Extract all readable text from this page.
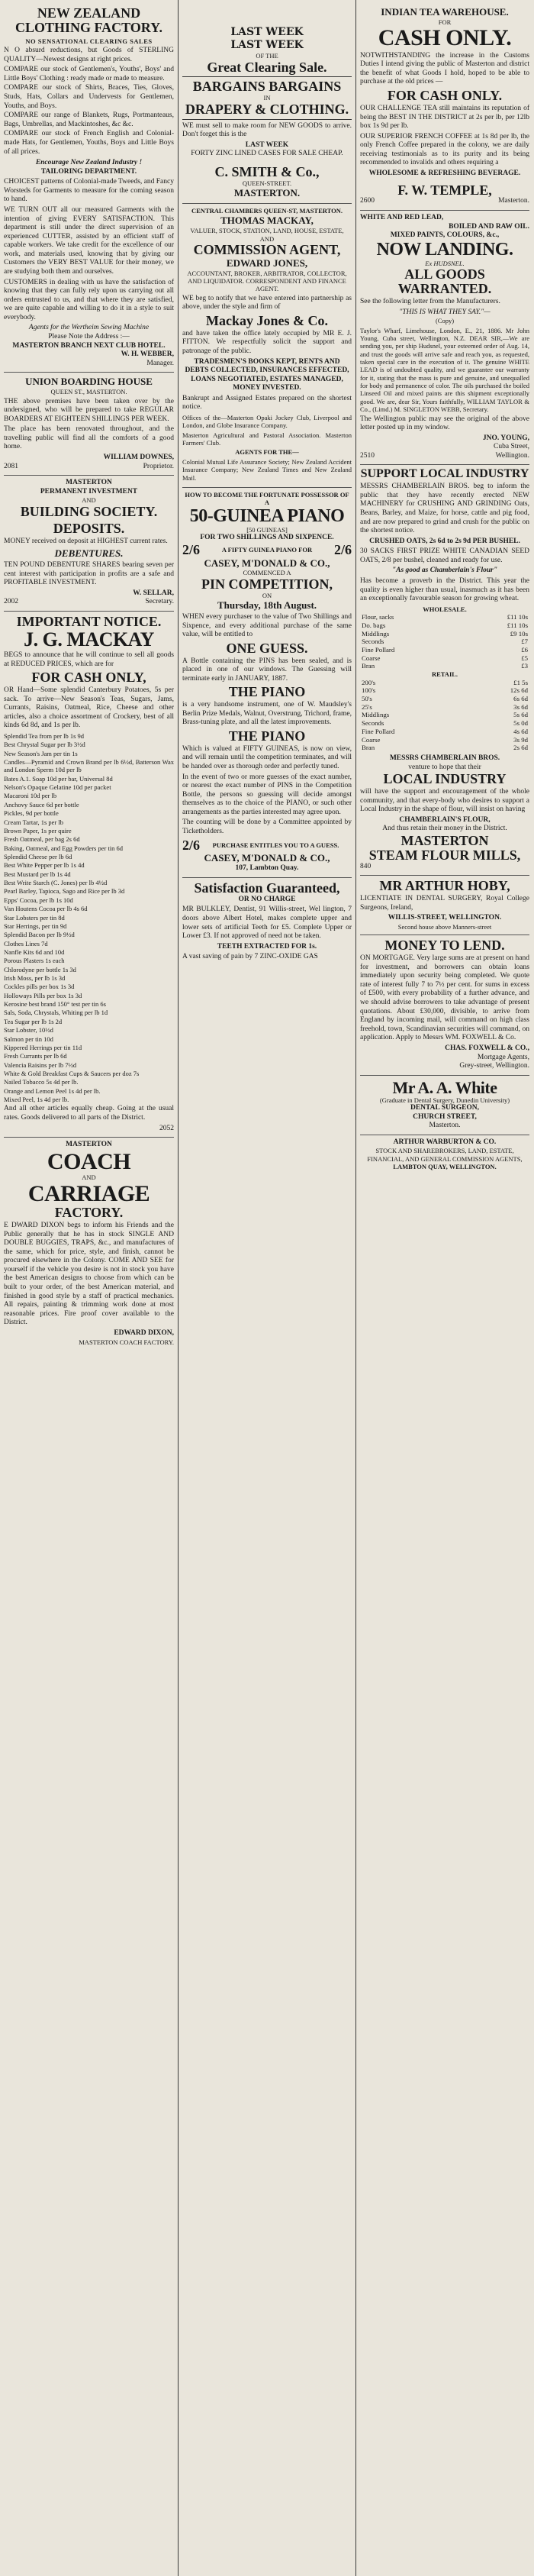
NEW ZEALAND CLOTHING FACTORY.
NO SENSATIONAL CLEARING SALES
N O absurd reductions, but Goods of STERLING QUALITY—Newest designs at right prices.
COMPARE our stock of Gentlemen's, Youths', Boys' and Little Boys' Clothing : ready made or made to measure.
COMPARE our stock of Shirts, Braces, Ties, Gloves, Studs, Hats, Collars and Undervests for Gentlemen, Youths, and Boys.
COMPARE our range of Blankets, Rugs, Portmanteaus, Bags, Umbrellas, and Mackintoshes, &c &c.
COMPARE our stock of French English and Colonial-made Hats, for Gentlemen, Youths, Boys and Little Boys of all prices.
Encourage New Zealand Industry !
TAILORING DEPARTMENT.
CHOICEST patterns of Colonial-made Tweeds, and Fancy Worsteds for Garments to measure for the coming season to hand.
WE TURN OUT all our measured Garments with the intention of giving EVERY SATISFACTION. This department is still under the direct supervision of an experienced CUTTER, assisted by an efficient staff of capable workers. We take credit for the excellence of our work, and materials used, knowing that by giving our Customers the VERY BEST VALUE for their money, we are studying both them and ourselves.
CUSTOMERS in dealing with us have the satisfaction of knowing that they can fully rely upon us carrying out all orders entrusted to us, and that where they are satisfied, we are quite capable and willing to do it in a style to suit everybody.
Agents for the Wertheim Sewing Machine
Please Note the Address :—
MASTERTON BRANCH NEXT CLUB HOTEL.
W. H. WEBBER,
Manager.
UNION BOARDING HOUSE
QUEEN ST., MASTERTON.
THE above premises have been taken over by the undersigned, who will be prepared to take REGULAR BOARDERS AT EIGHTEEN SHILLINGS PER WEEK.
The place has been renovated throughout, and the travelling public will find all the comforts of a good home.
WILLIAM DOWNES,
2081	Proprietor.
MASTERTON
PERMANENT INVESTMENT
AND
BUILDING SOCIETY.
DEPOSITS.
MONEY received on deposit at HIGHEST current rates.
DEBENTURES.
TEN POUND DEBENTURE SHARES bearing seven per cent interest with participation in profits are a safe and PROFITABLE INVESTMENT.
W. SELLAR,
2002	Secretary.
IMPORTANT NOTICE.
J. G. MACKAY
BEGS to announce that he will continue to sell all goods at REDUCED PRICES, which are for
FOR CASH ONLY,
OR Hand—Some splendid Canterbury Potatoes, 5s per sack. To arrive—New Season's Teas, Sugars, Jams, Currants, Raisins, Oatmeal, Rice, Cheese and other articles, also a choice assortment of Crockery, best of all kinds 6d 8d, and 1s per lb.
Splendid Tea from per lb 1s 9d
Best Chrystal Sugar per lb 3½d
New Season's Jam per tin 1s
Candles—Pyramid and Crown Brand per lb 6½d, Batterson Wax and London Sperm 10d per lb
Bates A.1. Soap 10d per bar, Universal 8d
Nelson's Opaque Gelatine 10d per packet
Macaroni 10d per lb
Anchovy Sauce 6d per bottle
Pickles, 9d per bottle
Cream Tartar, 1s per lb
Brown Paper, 1s per quire
Fresh Oatmeal, per bag 2s 6d
Baking, Oatmeal, and Egg Powders per tin 6d
Splendid Cheese per lb 6d
Best White Pepper per lb 1s 4d
Best Mustard per lb 1s 4d
Best Write Starch (C. Jones) per lb 4½d
Pearl Barley, Tapioca, Sago and Rice per lb 3d
Epps' Cocoa, per lb 1s 10d
Van Houtens Cocoa per lb 4s 6d
Star Lobsters per tin 8d
Star Herrings, per tin 9d
Splendid Bacon per lb 9½d
Clothes Lines 7d
Nanfle Kits 6d and 10d
Porous Plasters 1s each
Chlorodyne per bottle 1s 3d
Irish Moss, per lb 1s 3d
Cockles pills per box 1s 3d
Holloways Pills per box 1s 3d
Kerosine best brand 150° test per tin 6s
Sals, Soda, Chrystals, Whiting per lb 1d
Tea Sugar per lb 1s 2d
Star Lobster, 10½d
Salmon per tin 10d
Kippered Herrings per tin 11d
Fresh Currants per lb 6d
Valencia Raisins per lb 7½d
White & Gold Breakfast Cups & Saucers per doz 7s
Nailed Tobacco 5s 4d per lb.
Orange and Lemon Peel 1s 4d per lb.
Mixed Peel, 1s 4d per lb.
And all other articles equally cheap. Going at the usual rates. Goods delivered to all parts of the District.
2052
MASTERTON
COACH
AND
CARRIAGE
FACTORY.
E DWARD DIXON begs to inform his Friends and the Public generally that he has in stock SINGLE AND DOUBLE BUGGIES, TRAPS, &c., and manufactures of the same, which for price, style, and finish, cannot be procured elsewhere in the Colony. COME AND SEE for yourself if the vehicle you desire is not in stock you have the best American designs to choose from which can be built to your order, of the best American material, and finished in good style by a staff of practical mechanics. All repairs, painting & trimming work done at most reasonable prices. Fire proof cover available to the District.
EDWARD DIXON,
MASTERTON COACH FACTORY.
LAST WEEK
LAST WEEK
OF THE
Great Clearing Sale.
BARGAINS BARGAINS
IN
DRAPERY & CLOTHING.
WE must sell to make room for NEW GOODS to arrive. Don't forget this is the
LAST WEEK
FORTY ZINC LINED CASES FOR SALE CHEAP.
C. SMITH & Co.,
QUEEN-STREET.
MASTERTON.
CENTRAL CHAMBERS QUEEN-ST, MASTERTON.
THOMAS MACKAY,
VALUER, STOCK, STATION, LAND, HOUSE, ESTATE,
AND
COMMISSION AGENT,
EDWARD JONES,
ACCOUNTANT, BROKER, ARBITRATOR, COLLECTOR, AND LIQUIDATOR. CORRESPONDENT AND FINANCE AGENT.
WE beg to notify that we have entered into partnership as above, under the style and firm of
Mackay Jones & Co.
and have taken the office lately occupied by MR E. J. FITTON. We respectfully solicit the support and patronage of the public.
TRADESMEN'S BOOKS KEPT, RENTS AND DEBTS COLLECTED, INSURANCES EFFECTED, LOANS NEGOTIATED, ESTATES MANAGED, MONEY INVESTED.
Bankrupt and Assigned Estates prepared on the shortest notice.
Offices of the—Masterton Opaki Jockey Club, Liverpool and London, and Globe Insurance Company.
Masterton Agricultural and Pastoral Association. Masterton Farmers' Club.
AGENTS FOR THE—
Colonial Mutual Life Assurance Society; New Zealand Accident Insurance Company; New Zealand Times and New Zealand Mail.
HOW TO BECOME THE FORTUNATE POSSESSOR OF A
50-GUINEA PIANO
[50 GUINEAS]
FOR TWO SHILLINGS AND SIXPENCE.
2/6	A FIFTY GUINEA PIANO FOR	2/6
CASEY, M'DONALD & CO.,
COMMENCED A
PIN COMPETITION,
ON
Thursday, 18th August.
WHEN every purchaser to the value of Two Shillings and Sixpence, and every additional purchase of the same value, will be entitled to
ONE GUESS.
A Bottle containing the PINS has been sealed, and is placed in one of our windows. The Guessing will terminate early in JANUARY, 1887.
THE PIANO
is a very handsome instrument, one of W. Maudsley's Berlin Prize Medals, Walnut, Overstrung, Trichord, frame, Brass-tuning plate, and all the latest improvements.
THE PIANO
Which is valued at FIFTY GUINEAS, is now on view, and will remain until the competition terminates, and will be handed over as thorough order and perfectly tuned.
In the event of two or more guesses of the exact number, or nearest the exact number of PINS in the Competition Bottle, the persons so guessing will decide amongst themselves as to the choice of the PIANO, or such other arrangements as the parties interested may agree upon.
The counting will be done by a Committee appointed by Ticketholders.
2/6	PURCHASE ENTITLES YOU TO A GUESS.
CASEY, M'DONALD & CO.,
107, Lambton Quay.
Satisfaction Guaranteed,
OR NO CHARGE
MR BULKLEY, Dentist, 91 Willis-street, Wel lington, 7 doors above Albert Hotel, makes complete upper and lower sets of artificial Teeth for £5. Complete Upper or Lower £3. If not approved of need not be taken.
TEETH EXTRACTED FOR 1s.
A vast saving of pain by 7 ZINC-OXIDE GAS
INDIAN TEA WAREHOUSE.
FOR
CASH ONLY.
NOTWITHSTANDING the increase in the Customs Duties I intend giving the public of Masterton and district the benefit of what Goods I hold, hoped to be able to purchase at the old prices —
FOR CASH ONLY.
OUR CHALLENGE TEA still maintains its reputation of being the BEST IN THE DISTRICT at 2s per lb, per 12lb box 1s 9d per lb.
OUR SUPERIOR FRENCH COFFEE at 1s 8d per lb, the only French Coffee prepared in the colony, we are daily receiving testimonials as to its purity and its being recommended to invalids and others requiring a
WHOLESOME & REFRESHING BEVERAGE.
F. W. TEMPLE,
2600	Masterton.
WHITE AND RED LEAD,
BOILED AND RAW OIL.
MIXED PAINTS, COLOURS, &c.,
NOW LANDING.
Ex HUDSNEL.
ALL GOODS WARRANTED.
See the following letter from the Manufacturers.
"THIS IS WHAT THEY SAY."—
(Copy)
Taylor's Wharf, Limehouse, London, E., 21, 1886. Mr John Young, Cuba street, Wellington, N.Z. DEAR SIR,—We are sending you, per ship Hudsnel, your esteemed order of Aug. 14, and trust the goods will arrive safe and reach you, as requested, taken special care in the execution of it. The genuine WHITE LEAD is of undoubted quality, and we guarantee our warranty for it, stating that the mass is pure and genuine, and unequalled for body and permanence of color. The oils purchased the boiled Linseed Oil and mixed paints are this shipment exceptionally good. We are, dear Sir, Yours faithfully, WILLIAM TAYLOR & Co., (Limd.) M. SINGLETON WEBB, Secretary.
The Wellington public may see the original of the above letter posted up in my window.
JNO. YOUNG,
Cuba Street,
2510	Wellington.
SUPPORT LOCAL INDUSTRY
MESSRS CHAMBERLAIN BROS. beg to inform the public that they have recently erected NEW MACHINERY for CRUSHING AND GRINDING Oats, Beans, Barley, and Maize, for horse, cattle and pig food, and are now prepared to grind and crush for the public on the shortest notice.
CRUSHED OATS, 2s 6d to 2s 9d PER BUSHEL.
30 SACKS FIRST PRIZE WHITE CANADIAN SEED OATS, 2/8 per bushel, cleaned and ready for use.
"As good as Chamberlain's Flour"
Has become a proverb in the District. This year the quality is even higher than usual, inasmuch as it has been an exceptionally favourable season for growing wheat.
WHOLESALE.
Flour, sacks	£11 10s
Do. bags	£11 10s
Middlings	£9 10s
Seconds	£7
Fine Pollard	£6
Coarse	£5
Bran	£3
RETAIL.
200's	£1 5s
100's	12s 6d
50's	6s 6d
25's	3s 6d
Middlings	5s 6d
Seconds	5s 0d
Fine Pollard	4s 6d
Coarse	3s 9d
Bran	2s 6d
MESSRS CHAMBERLAIN BROS.
venture to hope that their
LOCAL INDUSTRY
will have the support and encouragement of the whole community, and that every-body who desires to support a Local Industry in the shape of flour, will insist on having
CHAMBERLAIN'S FLOUR,
And thus retain their money in the District.
MASTERTON
STEAM FLOUR MILLS,
840
MR ARTHUR HOBY,
LICENTIATE IN DENTAL SURGERY, Royal College Surgeons, Ireland,
WILLIS-STREET, WELLINGTON.
Second house above Manners-street
MONEY TO LEND.
ON MORTGAGE. Very large sums are at present on hand for investment, and borrowers can obtain loans immediately upon security being completed. We quote rate of interest fully 7 to 7½ per cent. for sums in excess of £500, with every probability of a further advance, and we should advise borrowers to take advantage of present quotations. About £30,000, divisible, to arrive from England by incoming mail, will command on high class freehold, town, Scandinavian securities will command, on application. Apply to Messrs WM. FOXWELL & Co.
CHAS. FOXWELL & CO.,
Mortgage Agents,
Grey-street, Wellington.
Mr A. A. White
(Graduate in Dental Surgery, Dunedin University)
DENTAL SURGEON,
CHURCH STREET,
Masterton.
ARTHUR WARBURTON & CO.
STOCK AND SHAREBROKERS, LAND, ESTATE, FINANCIAL, AND GENERAL COMMISSION AGENTS,
LAMBTON QUAY, WELLINGTON.
